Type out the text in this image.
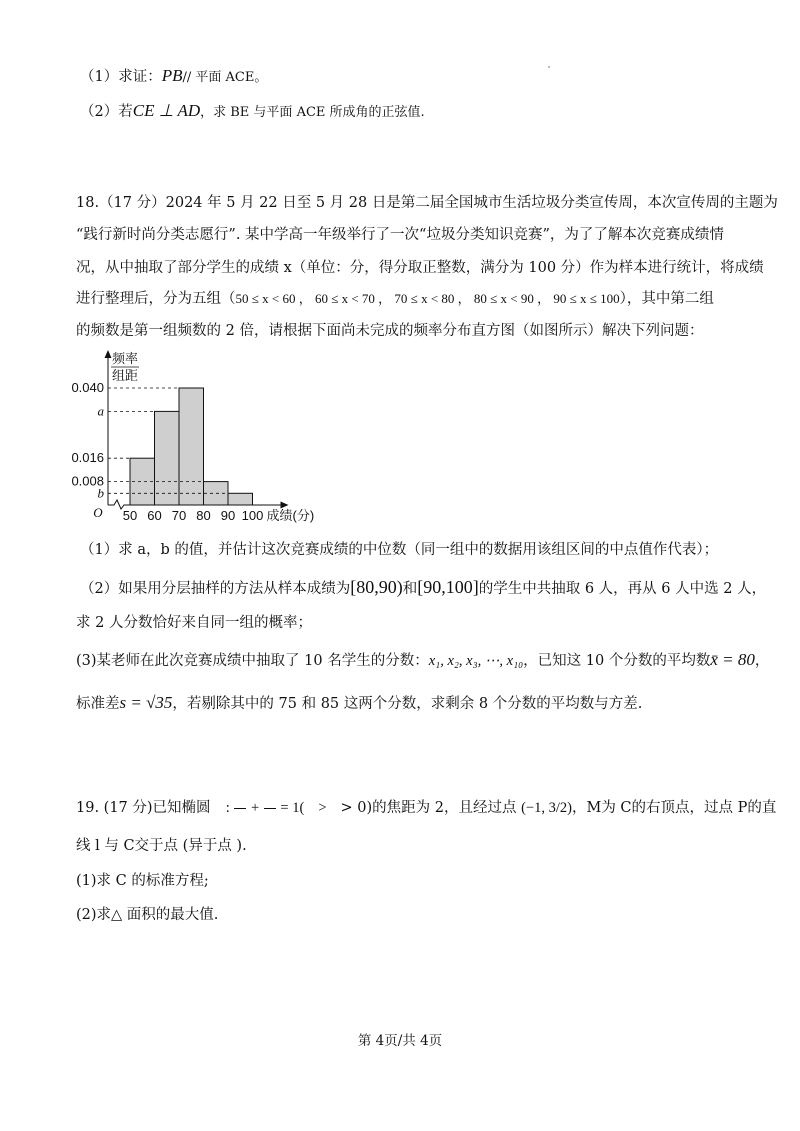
（1）求证：PB// 平面 ACE。
（2）若CE ⊥ AD，求 BE 与平面 ACE 所成角的正弦值.
18.（17 分）2024 年 5 月 22 日至 5 月 28 日是第二届全国城市生活垃圾分类宣传周，本次宣传周的主题为
“践行新时尚分类志愿行”. 某中学高一年级举行了一次“垃圾分类知识竞赛”，为了了解本次竞赛成绩情
况，从中抽取了部分学生的成绩 x（单位：分，得分取正整数，满分为 100 分）作为样本进行统计，将成绩
进行整理后，分为五组（50 ≤ x < 60 ， 60 ≤ x < 70 ， 70 ≤ x < 80 ， 80 ≤ x < 90 ， 90 ≤ x ≤ 100），其中第二组
的频数是第一组频数的 2 倍，请根据下面尚未完成的频率分布直方图（如图所示）解决下列问题：
0.040
a
0.016
0.008
b
50 60 70 80 90 100 成绩(分)
O
频率
组距
（1）求 a，b 的值，并估计这次竞赛成绩的中位数（同一组中的数据用该组区间的中点值作代表）；
（2）如果用分层抽样的方法从样本成绩为[80,90)和[90,100]的学生中共抽取 6 人，再从 6 人中选 2 人，
求 2 人分数恰好来自同一组的概率；
(3)某老师在此次竞赛成绩中抽取了 10 名学生的分数：x₁, x₂, x₃, ⋯, x₁₀，已知这 10 个分数的平均数x̄ = 80，
标准差s = √35，若剔除其中的 75 和 85 这两个分数，求剩余 8 个分数的平均数与方差.
19. (17 分)已知椭圆 :

+

= 1( > > 0)的焦距为 2，且经过点 (−1, 3/2)，M为 C的右顶点，过点 P的直
线 l 与 C交于点 (异于点 ).
(1)求 C 的标准方程;
(2)求△ 面积的最大值.
第 4页/共 4页
